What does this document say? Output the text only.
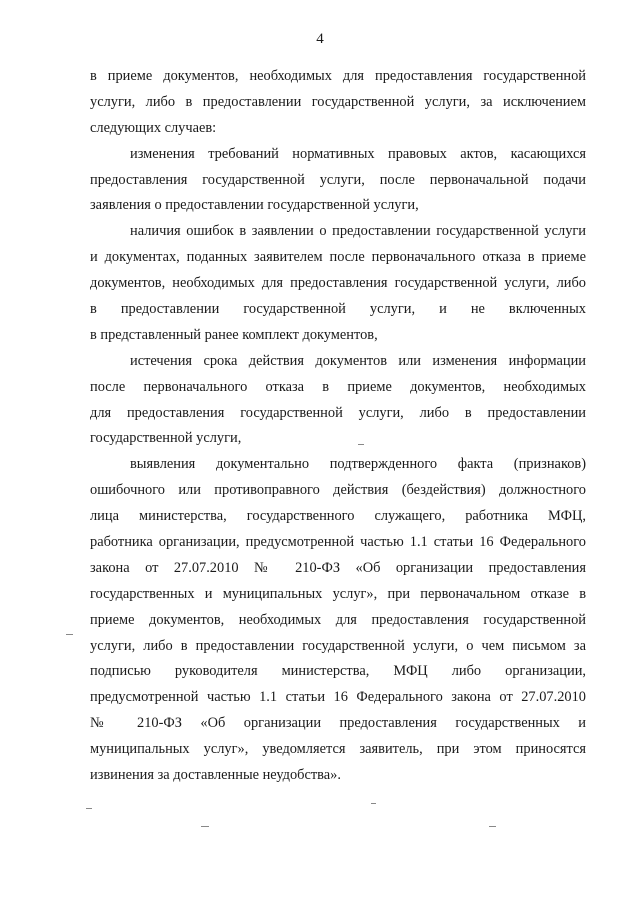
4
в приеме документов, необходимых для предоставления государственной
услуги, либо в предоставлении государственной услуги, за исключением
следующих случаев:
изменения требований нормативных правовых актов, касающихся
предоставления государственной услуги, после первоначальной подачи
заявления о предоставлении государственной услуги,
наличия ошибок в заявлении о предоставлении государственной услуги
и документах, поданных заявителем после первоначального отказа в приеме
документов, необходимых для предоставления государственной услуги, либо
в предоставлении государственной услуги, и не включенных
в представленный ранее комплект документов,
истечения срока действия документов или изменения информации
после первоначального отказа в приеме документов, необходимых
для предоставления государственной услуги, либо в предоставлении
государственной услуги,
выявления документально подтвержденного факта (признаков)
ошибочного или противоправного действия (бездействия) должностного
лица министерства, государственного служащего, работника МФЦ,
работника организации, предусмотренной частью 1.1 статьи 16 Федерального
закона от 27.07.2010 № 210-ФЗ «Об организации предоставления
государственных и муниципальных услуг», при первоначальном отказе в
приеме документов, необходимых для предоставления государственной
услуги, либо в предоставлении государственной услуги, о чем письмом за
подписью руководителя министерства, МФЦ либо организации,
предусмотренной частью 1.1 статьи 16 Федерального закона от 27.07.2010
№ 210-ФЗ «Об организации предоставления государственных и
муниципальных услуг», уведомляется заявитель, при этом приносятся
извинения за доставленные неудобства».
